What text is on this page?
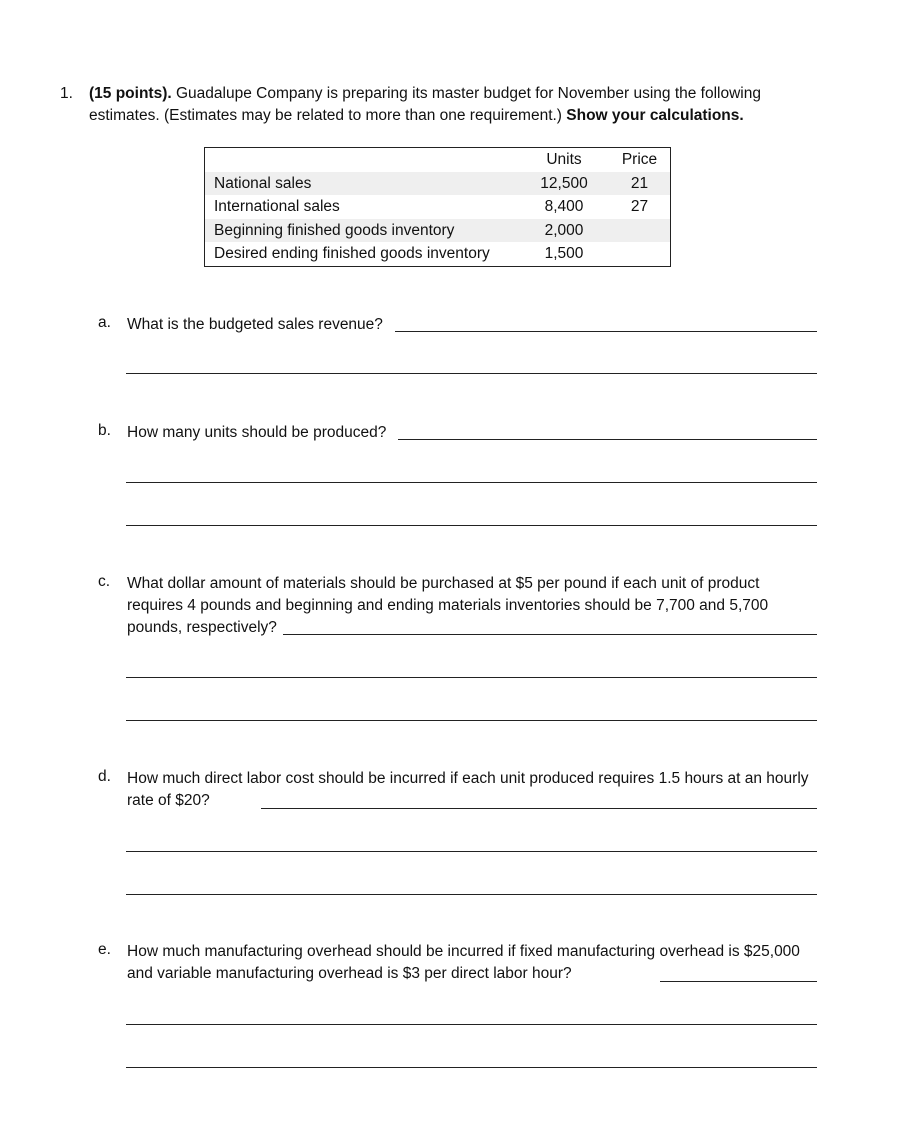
1. (15 points). Guadalupe Company is preparing its master budget for November using the following estimates. (Estimates may be related to more than one requirement.) Show your calculations.
	Units	Price
National sales	12,500	21
International sales	8,400	27
Beginning finished goods inventory	2,000	
Desired ending finished goods inventory	1,500	
a. What is the budgeted sales revenue?
b. How many units should be produced?
c. What dollar amount of materials should be purchased at $5 per pound if each unit of product requires 4 pounds and beginning and ending materials inventories should be 7,700 and 5,700 pounds, respectively?
d. How much direct labor cost should be incurred if each unit produced requires 1.5 hours at an hourly rate of $20?
e. How much manufacturing overhead should be incurred if fixed manufacturing overhead is $25,000 and variable manufacturing overhead is $3 per direct labor hour?
